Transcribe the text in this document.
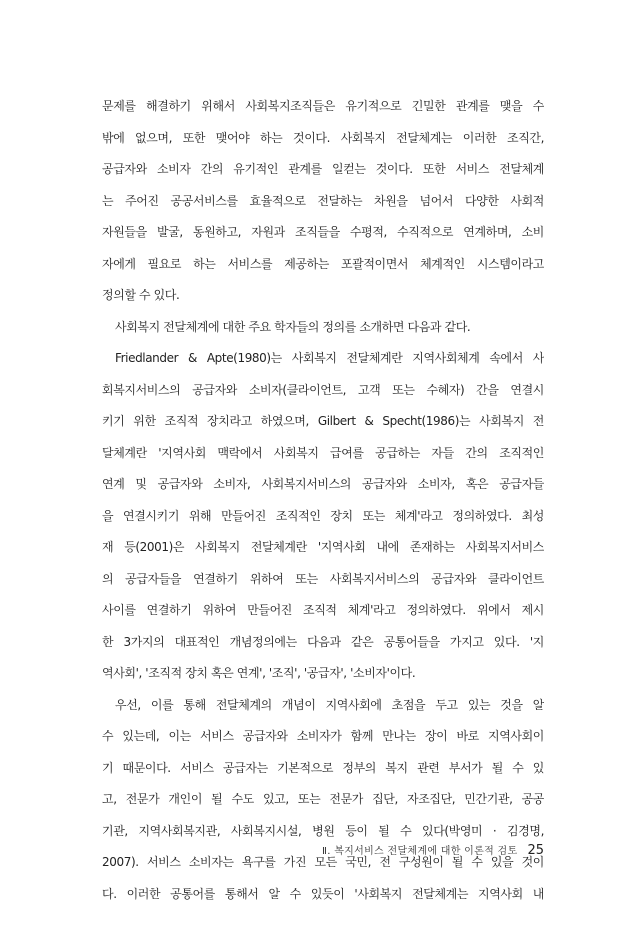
문제를 해결하기 위해서 사회복지조직들은 유기적으로 긴밀한 관계를 맺을 수
밖에 없으며, 또한 맺어야 하는 것이다. 사회복지 전달체계는 이러한 조직간,
공급자와 소비자 간의 유기적인 관계를 일컫는 것이다. 또한 서비스 전달체계
는 주어진 공공서비스를 효율적으로 전달하는 차원을 넘어서 다양한 사회적
자원들을 발굴, 동원하고, 자원과 조직들을 수평적, 수직적으로 연계하며, 소비
자에게 필요로 하는 서비스를 제공하는 포괄적이면서 체계적인 시스템이라고
정의할 수 있다.
사회복지 전달체계에 대한 주요 학자들의 정의를 소개하면 다음과 같다.
Friedlander & Apte(1980)는 사회복지 전달체계란 지역사회체계 속에서 사
회복지서비스의 공급자와 소비자(클라이언트, 고객 또는 수혜자) 간을 연결시
키기 위한 조직적 장치라고 하였으며, Gilbert & Specht(1986)는 사회복지 전
달체계란 '지역사회 맥락에서 사회복지 급여를 공급하는 자들 간의 조직적인
연계 및 공급자와 소비자, 사회복지서비스의 공급자와 소비자, 혹은 공급자들
을 연결시키기 위해 만들어진 조직적인 장치 또는 체계'라고 정의하였다. 최성
재 등(2001)은 사회복지 전달체계란 '지역사회 내에 존재하는 사회복지서비스
의 공급자들을 연결하기 위하여 또는 사회복지서비스의 공급자와 클라이언트
사이를 연결하기 위하여 만들어진 조직적 체계'라고 정의하였다. 위에서 제시
한 3가지의 대표적인 개념정의에는 다음과 같은 공통어들을 가지고 있다. '지
역사회', '조직적 장치 혹은 연계', '조직', '공급자', '소비자'이다.
우선, 이를 통해 전달체계의 개념이 지역사회에 초점을 두고 있는 것을 알
수 있는데, 이는 서비스 공급자와 소비자가 함께 만나는 장이 바로 지역사회이
기 때문이다. 서비스 공급자는 기본적으로 정부의 복지 관련 부서가 될 수 있
고, 전문가 개인이 될 수도 있고, 또는 전문가 집단, 자조집단, 민간기관, 공공
기관, 지역사회복지관, 사회복지시설, 병원 등이 될 수 있다(박영미 · 김경명,
2007). 서비스 소비자는 욕구를 가진 모든 국민, 전 구성원이 될 수 있을 것이
다. 이러한 공통어를 통해서 알 수 있듯이 '사회복지 전달체계는 지역사회 내
Ⅱ. 복지서비스 전달체계에 대한 이론적 검토 25
